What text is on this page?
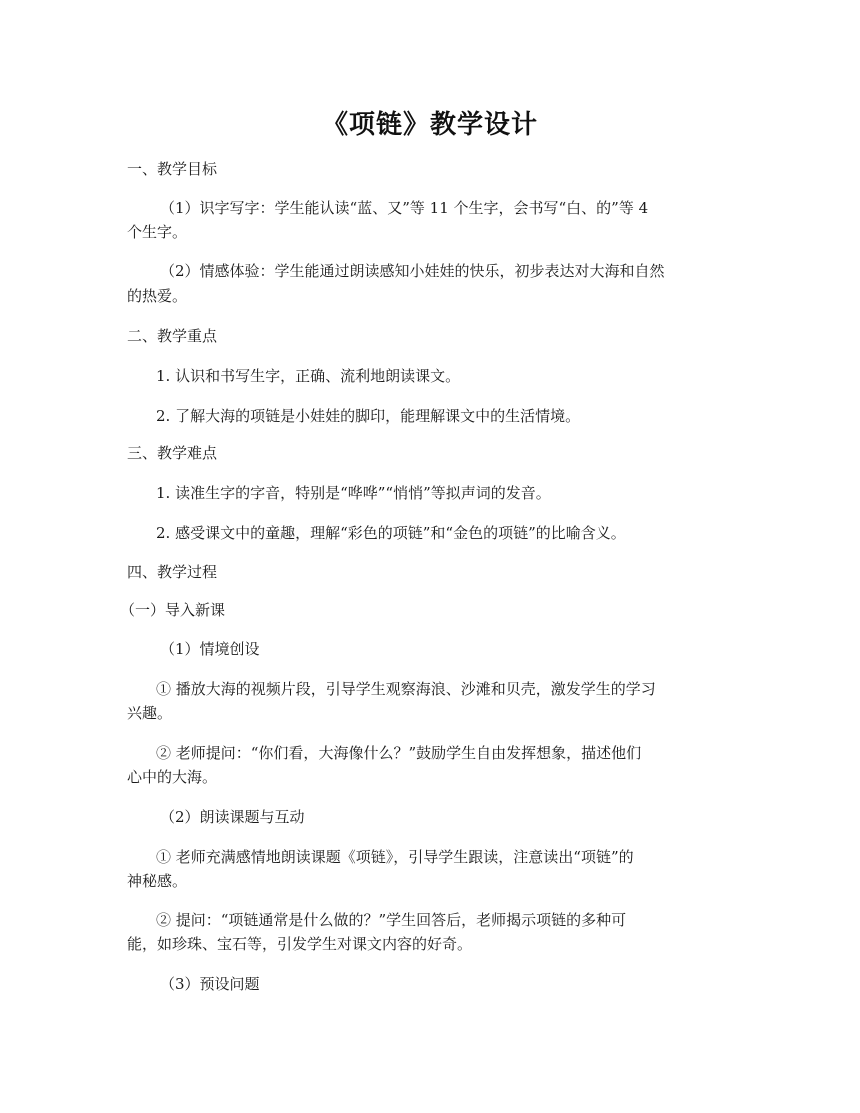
《项链》教学设计
一、教学目标
（1）识字写字：学生能认读“蓝、又”等 11 个生字，会书写“白、的”等 4
个生字。
（2）情感体验：学生能通过朗读感知小娃娃的快乐，初步表达对大海和自然
的热爱。
二、教学重点
1. 认识和书写生字，正确、流利地朗读课文。
2. 了解大海的项链是小娃娃的脚印，能理解课文中的生活情境。
三、教学难点
1. 读准生字的字音，特别是“哗哗”“悄悄”等拟声词的发音。
2. 感受课文中的童趣，理解“彩色的项链”和“金色的项链”的比喻含义。
四、教学过程
（一）导入新课
（1）情境创设
① 播放大海的视频片段，引导学生观察海浪、沙滩和贝壳，激发学生的学习
兴趣。
② 老师提问：“你们看，大海像什么？”鼓励学生自由发挥想象，描述他们
心中的大海。
（2）朗读课题与互动
① 老师充满感情地朗读课题《项链》，引导学生跟读，注意读出“项链”的
神秘感。
② 提问：“项链通常是什么做的？”学生回答后，老师揭示项链的多种可
能，如珍珠、宝石等，引发学生对课文内容的好奇。
（3）预设问题
